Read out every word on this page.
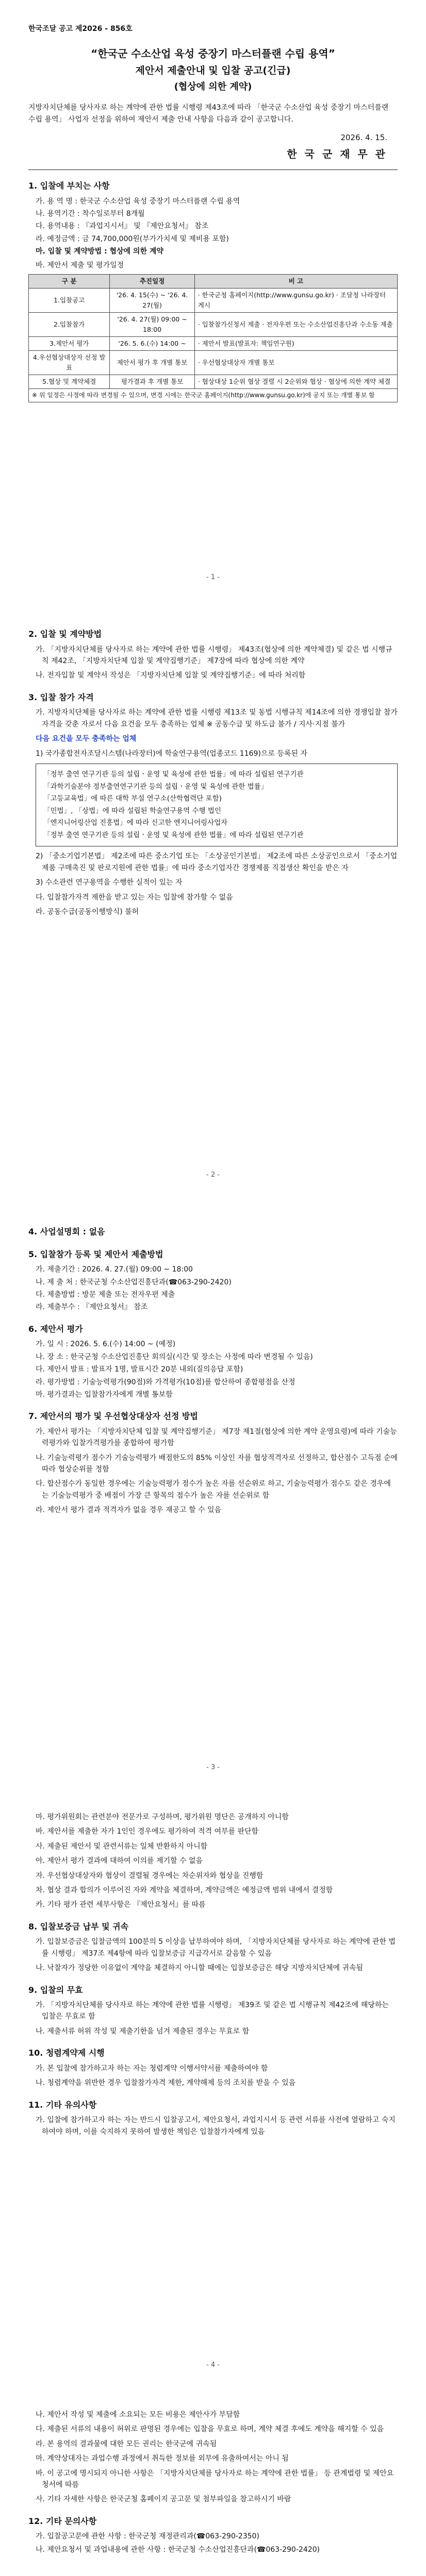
한국조달 공고 제2026 - 856호

“한국군 수소산업 육성 중장기 마스터플랜 수립 용역”

제안서 제출안내 및 입찰 공고(긴급)

(협상에 의한 계약)

지방자치단체를 당사자로 하는 계약에 관한 법률 시행령 제43조에 따라 「한국군 수소산업 육성 중장기 마스터플랜 수립 용역」 사업자 선정을 위하여 제안서 제출 안내 사항을 다음과 같이 공고합니다.

2026. 4. 15.

한 국 군 재 무 관

1. 입찰에 부치는 사항
가. 용 역 명 : 한국군 수소산업 육성 중장기 마스터플랜 수립 용역
나. 용역기간 : 착수일로부터 8개월
다. 용역내용 : 『과업지시서』 및 『제안요청서』 참조
라. 예정금액 : 금 74,700,000원(부가가치세 및 제비용 포함)
마. 입찰 및 계약방법 : 협상에 의한 계약
바. 제안서 제출 및 평가일정
구 분	추진일정	비 고
1.입찰공고	'26. 4. 15(수) ~ '26. 4. 27(월)	· 한국군청 홈페이지(http://www.gunsu.go.kr) · 조달청 나라장터 게시
2.입찰참가	'26. 4. 27(월) 09:00 ~ 18:00	· 입찰참가신청서 제출 · 전자우편 또는 수소산업진흥단과 수소동 제출
3.제안서 평가	'26. 5. 6.(수) 14:00 ~	· 제안서 발표(발표자: 책임연구원)
4.우선협상대상자 선정 발표	제안서 평가 후 개별 통보	· 우선협상대상자 개별 통보
5.협상 및 계약체결	평가결과 후 개별 통보	· 협상대상 1순위 협상 결렬 시 2순위와 협상 · 협상에 의한 계약 체결
※ 위 일정은 사정에 따라 변경될 수 있으며, 변경 시에는 한국군 홈페이지(http://www.gunsu.go.kr)에 공지 또는 개별 통보 함		
- 1 -
2. 입찰 및 계약방법

가. 「지방자치단체를 당사자로 하는 계약에 관한 법률 시행령」 제43조(협상에 의한 계약체결) 및 같은 법 시행규칙 제42조, 「지방자치단체 입찰 및 계약집행기준」 제7장에 따라 협상에 의한 계약

나. 전자입찰 및 계약서 작성은 「지방자치단체 입찰 및 계약집행기준」에 따라 처리함

3. 입찰 참가 자격

가. 지방자치단체를 당사자로 하는 계약에 관한 법률 시행령 제13조 및 동법 시행규칙 제14조에 의한 경쟁입찰 참가자격을 갖춘 자로서 다음 요건을 모두 충족하는 업체 ※ 공동수급 및 하도급 불가 / 지사·지점 불가

다음 요건을 모두 충족하는 업체

1) 국가종합전자조달시스템(나라장터)에 학술연구용역(업종코드 1169)으로 등록된 자

「정부 출연 연구기관 등의 설립ㆍ운영 및 육성에 관한 법률」에 따라 설립된 연구기관

「과학기술분야 정부출연연구기관 등의 설립ㆍ운영 및 육성에 관한 법률」

「고등교육법」에 따른 대학 부설 연구소(산학협력단 포함)

「민법」, 「상법」에 따라 설립된 학술연구용역 수행 법인

「엔지니어링산업 진흥법」에 따라 신고한 엔지니어링사업자

「정부 출연 연구기관 등의 설립ㆍ운영 및 육성에 관한 법률」에 따라 설립된 연구기관

2) 「중소기업기본법」 제2조에 따른 중소기업 또는 「소상공인기본법」 제2조에 따른 소상공인으로서 「중소기업제품 구매촉진 및 판로지원에 관한 법률」에 따라 중소기업자간 경쟁제품 직접생산 확인을 받은 자

3) 수소관련 연구용역을 수행한 실적이 있는 자

다. 입찰참가자격 제한을 받고 있는 자는 입찰에 참가할 수 없음

라. 공동수급(공동이행방식) 불허

- 2 -
4. 사업설명회 : 없음
5. 입찰참가 등록 및 제안서 제출방법
가. 제출기간 : 2026. 4. 27.(월) 09:00 ~ 18:00
나. 제 출 처 : 한국군청 수소산업진흥단과(☎063-290-2420)
다. 제출방법 : 방문 제출 또는 전자우편 제출
라. 제출부수 : 『제안요청서』 참조
6. 제안서 평가
가. 일 시 : 2026. 5. 6.(수) 14:00 ~ (예정)
나. 장 소 : 한국군청 수소산업진흥단 회의실(시간 및 장소는 사정에 따라 변경될 수 있음)
다. 제안서 발표 : 발표자 1명, 발표시간 20분 내외(질의응답 포함)
라. 평가방법 : 기술능력평가(90점)와 가격평가(10점)를 합산하여 종합평점을 산정
마. 평가결과는 입찰참가자에게 개별 통보함
7. 제안서의 평가 및 우선협상대상자 선정 방법

가. 제안서 평가는 「지방자치단체 입찰 및 계약집행기준」 제7장 제1절(협상에 의한 계약 운영요령)에 따라 기술능력평가와 입찰가격평가를 종합하여 평가함

나. 기술능력평가 점수가 기술능력평가 배점한도의 85% 이상인 자를 협상적격자로 선정하고, 합산점수 고득점 순에 따라 협상순위를 정함

다. 합산점수가 동일한 경우에는 기술능력평가 점수가 높은 자를 선순위로 하고, 기술능력평가 점수도 같은 경우에는 기술능력평가 중 배점이 가장 큰 항목의 점수가 높은 자를 선순위로 함

라. 제안서 평가 결과 적격자가 없을 경우 재공고 할 수 있음

- 3 -

마. 평가위원회는 관련분야 전문가로 구성하며, 평가위원 명단은 공개하지 아니함

바. 제안서를 제출한 자가 1인인 경우에도 평가하여 적격 여부를 판단함

사. 제출된 제안서 및 관련서류는 일체 반환하지 아니함

아. 제안서 평가 결과에 대하여 이의를 제기할 수 없음

자. 우선협상대상자와 협상이 결렬될 경우에는 차순위자와 협상을 진행함

차. 협상 결과 합의가 이루어진 자와 계약을 체결하며, 계약금액은 예정금액 범위 내에서 결정함

카. 기타 평가 관련 세부사항은 『제안요청서』를 따름

8. 입찰보증금 납부 및 귀속

가. 입찰보증금은 입찰금액의 100분의 5 이상을 납부하여야 하며, 「지방자치단체를 당사자로 하는 계약에 관한 법률 시행령」 제37조 제4항에 따라 입찰보증금 지급각서로 갈음할 수 있음

나. 낙찰자가 정당한 이유없이 계약을 체결하지 아니할 때에는 입찰보증금은 해당 지방자치단체에 귀속됨

9. 입찰의 무효

가. 「지방자치단체를 당사자로 하는 계약에 관한 법률 시행령」 제39조 및 같은 법 시행규칙 제42조에 해당하는 입찰은 무효로 함

나. 제출서류 허위 작성 및 제출기한을 넘겨 제출된 경우는 무효로 함

10. 청렴계약제 시행

가. 본 입찰에 참가하고자 하는 자는 청렴계약 이행서약서를 제출하여야 함

나. 청렴계약을 위반한 경우 입찰참가자격 제한, 계약해제 등의 조치를 받을 수 있음

11. 기타 유의사항

가. 입찰에 참가하고자 하는 자는 반드시 입찰공고서, 제안요청서, 과업지시서 등 관련 서류를 사전에 열람하고 숙지하여야 하며, 이를 숙지하지 못하여 발생한 책임은 입찰참가자에게 있음

- 4 -

나. 제안서 작성 및 제출에 소요되는 모든 비용은 제안사가 부담함

다. 제출된 서류의 내용이 허위로 판명된 경우에는 입찰을 무효로 하며, 계약 체결 후에도 계약을 해지할 수 있음

라. 본 용역의 결과물에 대한 모든 권리는 한국군에 귀속됨

마. 계약상대자는 과업수행 과정에서 취득한 정보를 외부에 유출하여서는 아니 됨

바. 이 공고에 명시되지 아니한 사항은 「지방자치단체를 당사자로 하는 계약에 관한 법률」 등 관계법령 및 제안요청서에 따름

사. 기타 자세한 사항은 한국군청 홈페이지 공고문 및 첨부파일을 참고하시기 바람

12. 기타 문의사항
가. 입찰공고문에 관한 사항 : 한국군청 재정관리과(☎063-290-2350)
나. 제안요청서 및 과업내용에 관한 사항 : 한국군청 수소산업진흥단과(☎063-290-2420)
